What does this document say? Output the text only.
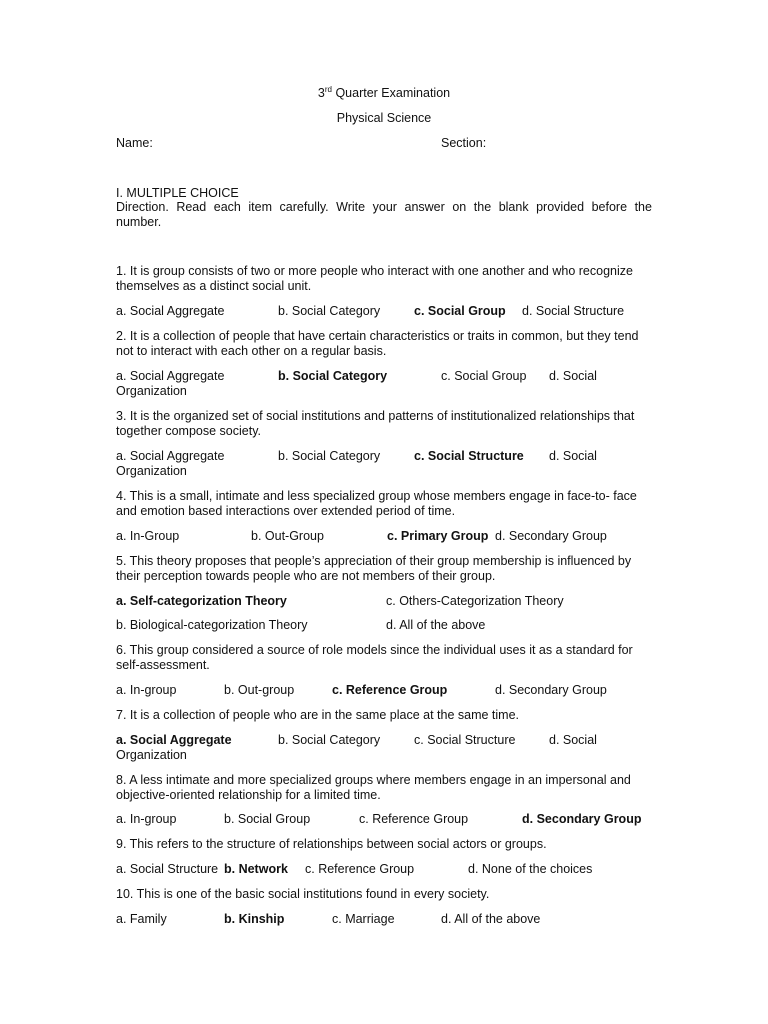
3rd Quarter Examination
Physical Science
Name:	Section:
I. MULTIPLE CHOICE
Direction. Read each item carefully. Write your answer on the blank provided before the
number.
1. It is group consists of two or more people who interact with one another and who recognize
themselves as a distinct social unit.
a. Social Aggregate	b. Social Category	c. Social Group d. Social Structure
2. It is a collection of people that have certain characteristics or traits in common, but they tend
not to interact with each other on a regular basis.
a. Social Aggregate	b. Social Category	c. Social Group d. Social
Organization
3. It is the organized set of social institutions and patterns of institutionalized relationships that
together compose society.
a. Social Aggregate	b. Social Category	c. Social Structure d. Social
Organization
4. This is a small, intimate and less specialized group whose members engage in face-to- face
and emotion based interactions over extended period of time.
a. In-Group	b. Out-Group	c. Primary Group d. Secondary Group
5. This theory proposes that people’s appreciation of their group membership is influenced by
their perception towards people who are not members of their group.
a. Self-categorization Theory	c. Others-Categorization Theory
b. Biological-categorization Theory	d. All of the above
6. This group considered a source of role models since the individual uses it as a standard for
self-assessment.
a. In-group	b. Out-group	c. Reference Group	d. Secondary Group
7. It is a collection of people who are in the same place at the same time.
a. Social Aggregate	b. Social Category	c. Social Structure	d. Social
Organization
8. A less intimate and more specialized groups where members engage in an impersonal and
objective-oriented relationship for a limited time.
a. In-group	b. Social Group	c. Reference Group	d. Secondary Group
9. This refers to the structure of relationships between social actors or groups.
a. Social Structure b. Network c. Reference Group	d. None of the choices
10. This is one of the basic social institutions found in every society.
a. Family	b. Kinship	c. Marriage	d. All of the above
